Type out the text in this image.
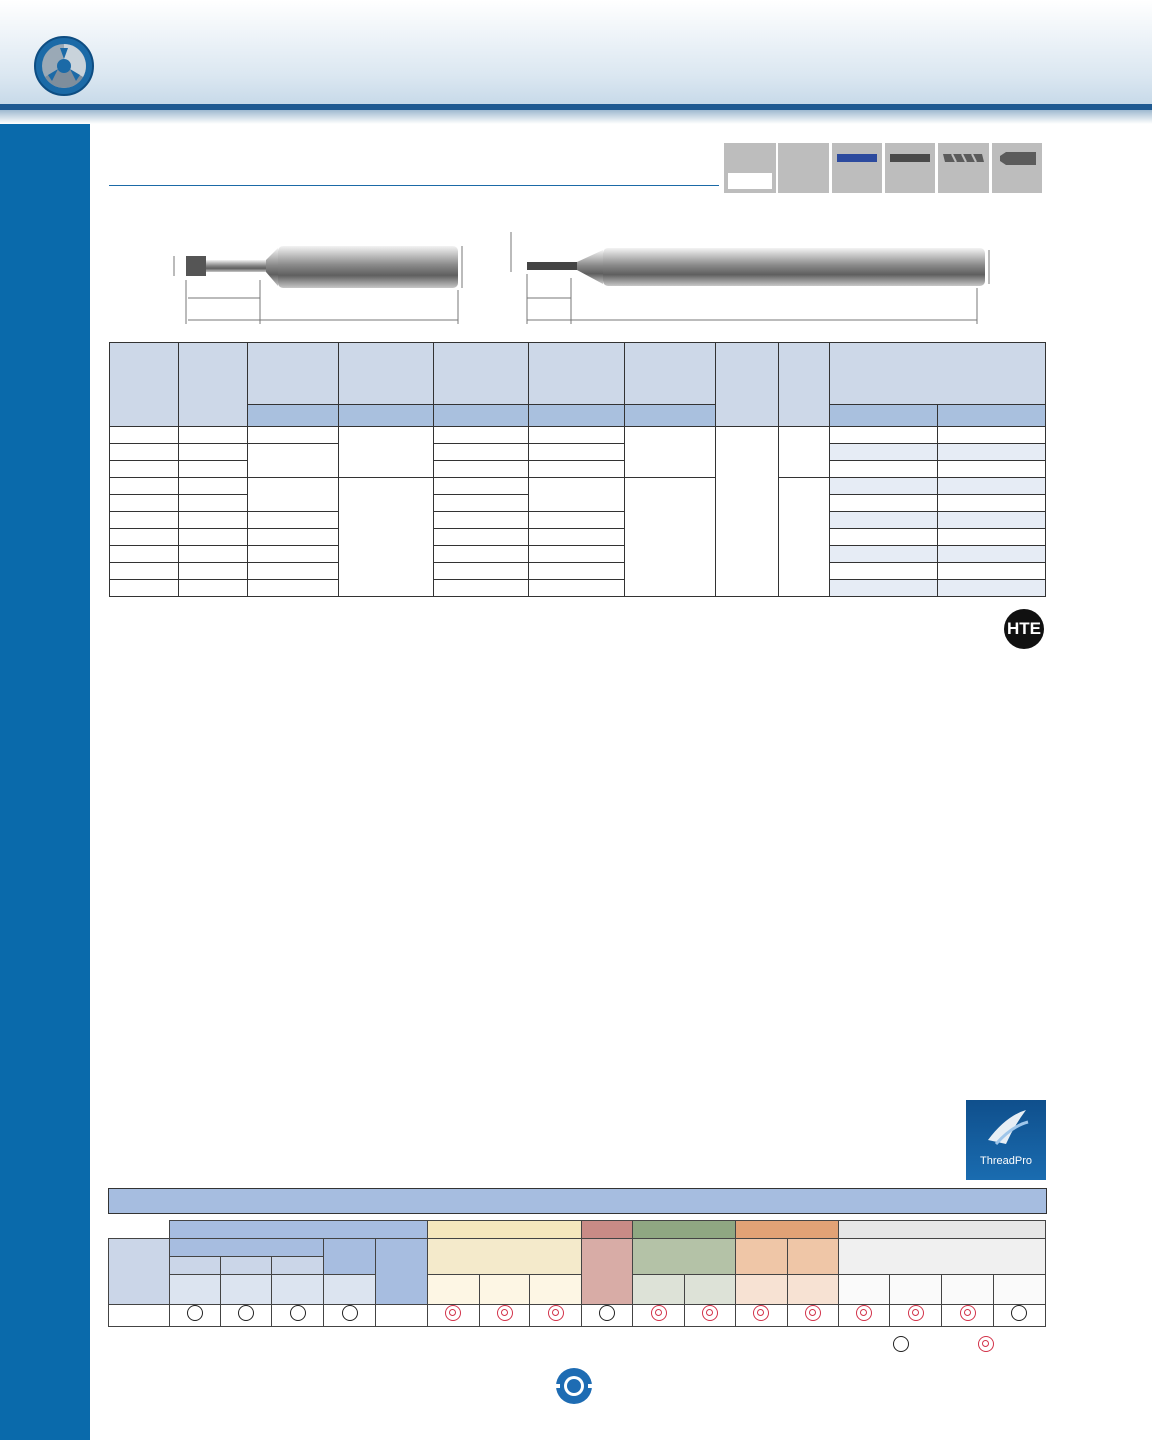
HTE
ThreadPro
